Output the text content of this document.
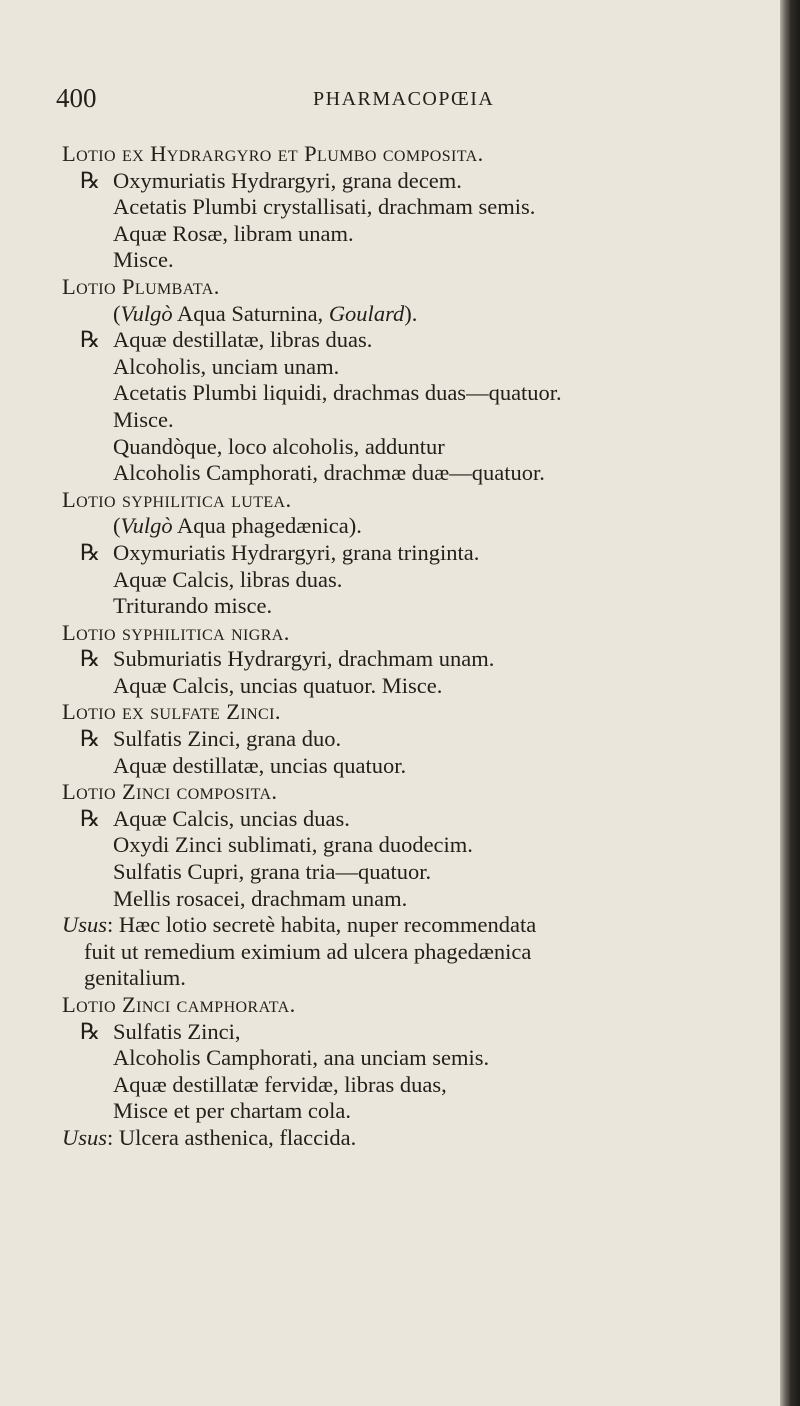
400	PHARMACOPŒIA
Lotio ex Hydrargyro et Plumbo composita.
℞ Oxymuriatis Hydrargyri, grana decem.
Acetatis Plumbi crystallisati, drachmam semis.
Aquæ Rosæ, libram unam.
Misce.
Lotio Plumbata.
(Vulgò Aqua Saturnina, Goulard).
℞ Aquæ destillatæ, libras duas.
Alcoholis, unciam unam.
Acetatis Plumbi liquidi, drachmas duas—quatuor.
Misce.
Quandòque, loco alcoholis, adduntur
Alcoholis Camphorati, drachmæ duæ—quatuor.
Lotio syphilitica lutea.
(Vulgò Aqua phagedænica).
℞ Oxymuriatis Hydrargyri, grana tringinta.
Aquæ Calcis, libras duas.
Triturando misce.
Lotio syphilitica nigra.
℞ Submuriatis Hydrargyri, drachmam unam.
Aquæ Calcis, uncias quatuor. Misce.
Lotio ex sulfate Zinci.
℞ Sulfatis Zinci, grana duo.
Aquæ destillatæ, uncias quatuor.
Lotio Zinci composita.
℞ Aquæ Calcis, uncias duas.
Oxydi Zinci sublimati, grana duodecim.
Sulfatis Cupri, grana tria—quatuor.
Mellis rosacei, drachmam unam.
Usus: Hæc lotio secretè habita, nuper recommendata
fuit ut remedium eximium ad ulcera phagedænica
genitalium.
Lotio Zinci camphorata.
℞ Sulfatis Zinci,
Alcoholis Camphorati, ana unciam semis.
Aquæ destillatæ fervidæ, libras duas,
Misce et per chartam cola.
Usus: Ulcera asthenica, flaccida.
